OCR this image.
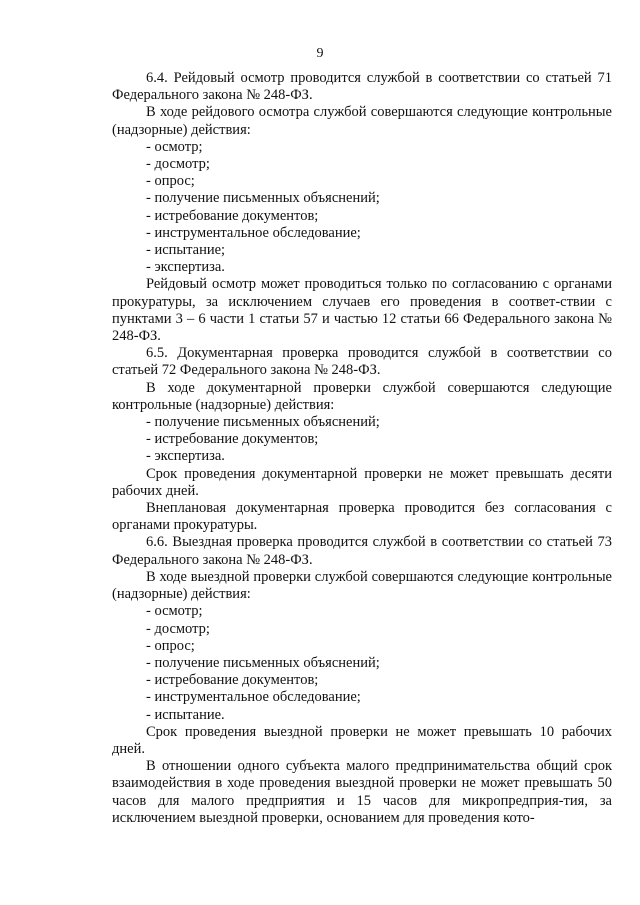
9

6.4. Рейдовый осмотр проводится службой в соответствии со статьей 71 Федерального закона № 248-ФЗ.

В ходе рейдового осмотра службой совершаются следующие контрольные (надзорные) действия:

- осмотр;

- досмотр;

- опрос;

- получение письменных объяснений;

- истребование документов;

- инструментальное обследование;

- испытание;

- экспертиза.

Рейдовый осмотр может проводиться только по согласованию с органами прокуратуры, за исключением случаев его проведения в соответ-ствии с пунктами 3 – 6 части 1 статьи 57 и частью 12 статьи 66 Федерального закона № 248-ФЗ.

6.5. Документарная проверка проводится службой в соответствии со статьей 72 Федерального закона № 248-ФЗ.

В ходе документарной проверки службой совершаются следующие контрольные (надзорные) действия:

- получение письменных объяснений;

- истребование документов;

- экспертиза.

Срок проведения документарной проверки не может превышать десяти рабочих дней.

Внеплановая документарная проверка проводится без согласования с органами прокуратуры.

6.6. Выездная проверка проводится службой в соответствии со статьей 73 Федерального закона № 248-ФЗ.

В ходе выездной проверки службой совершаются следующие контрольные (надзорные) действия:

- осмотр;

- досмотр;

- опрос;

- получение письменных объяснений;

- истребование документов;

- инструментальное обследование;

- испытание.

Срок проведения выездной проверки не может превышать 10 рабочих дней.

В отношении одного субъекта малого предпринимательства общий срок взаимодействия в ходе проведения выездной проверки не может превышать 50 часов для малого предприятия и 15 часов для микропредприя-тия, за исключением выездной проверки, основанием для проведения кото-
